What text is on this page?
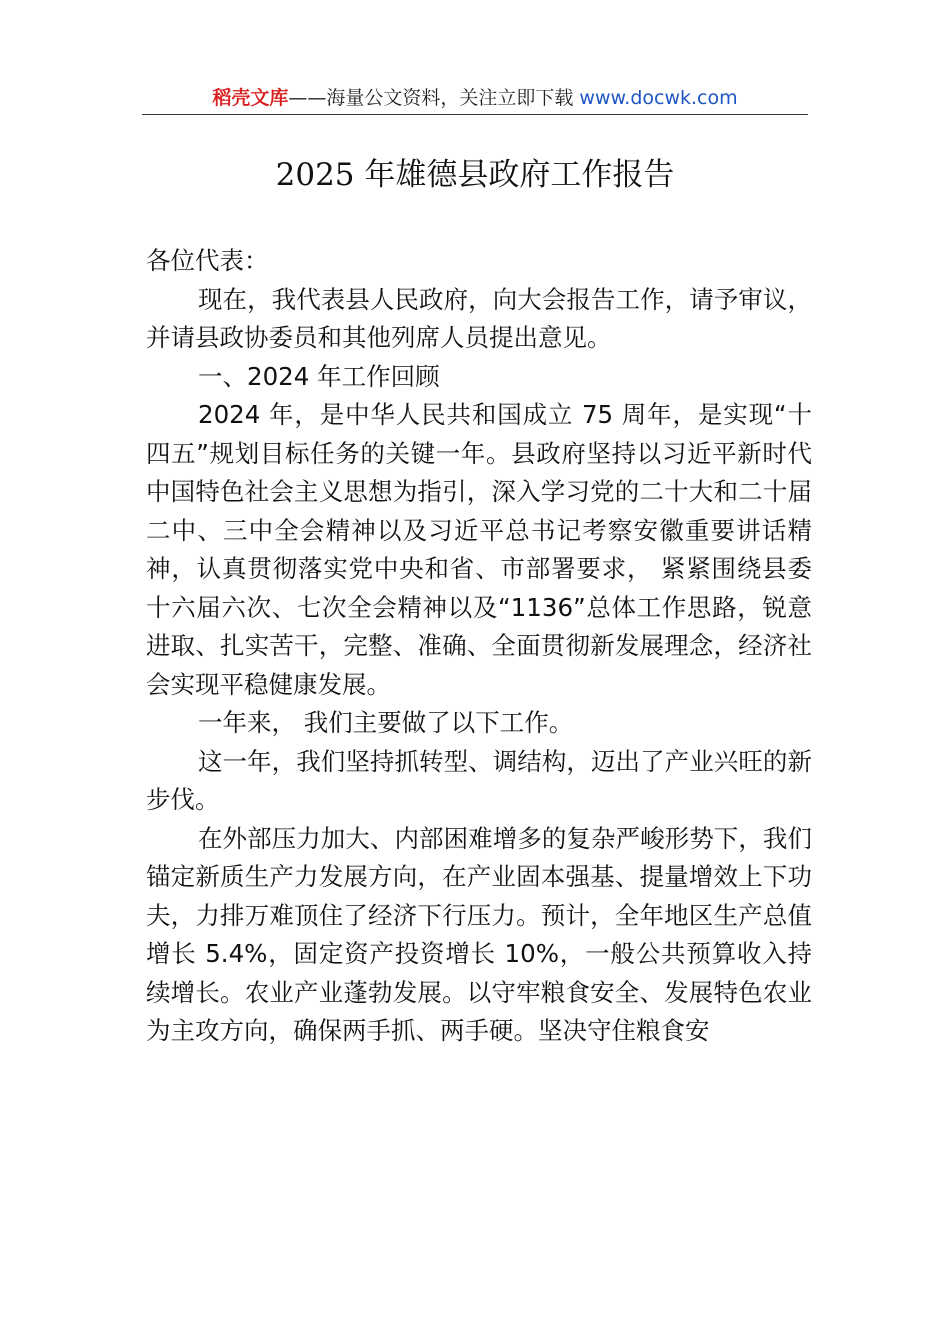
稻壳文库——海量公文资料，关注立即下载 www.docwk.com
2025 年雄德县政府工作报告

各位代表：

现在，我代表县人民政府，向大会报告工作，请予审议， 并请县政协委员和其他列席人员提出意见。

一、2024 年工作回顾

2024 年，是中华人民共和国成立 75 周年，是实现“十四五”规划目标任务的关键一年。县政府坚持以习近平新时代中国特色社会主义思想为指引，深入学习党的二十大和二十届二中、三中全会精神以及习近平总书记考察安徽重要讲话精神，认真贯彻落实党中央和省、市部署要求， 紧紧围绕县委十六届六次、七次全会精神以及“1136”总体工作思路，锐意进取、扎实苦干，完整、准确、全面贯彻新发展理念，经济社会实现平稳健康发展。

一年来， 我们主要做了以下工作。

这一年，我们坚持抓转型、调结构，迈出了产业兴旺的新步伐。

在外部压力加大、内部困难增多的复杂严峻形势下，我们锚定新质生产力发展方向，在产业固本强基、提量增效上下功夫，力排万难顶住了经济下行压力。预计，全年地区生产总值增长 5.4%，固定资产投资增长 10%，一般公共预算收入持续增长。农业产业蓬勃发展。以守牢粮食安全、发展特色农业为主攻方向，确保两手抓、两手硬。坚决守住粮食安
